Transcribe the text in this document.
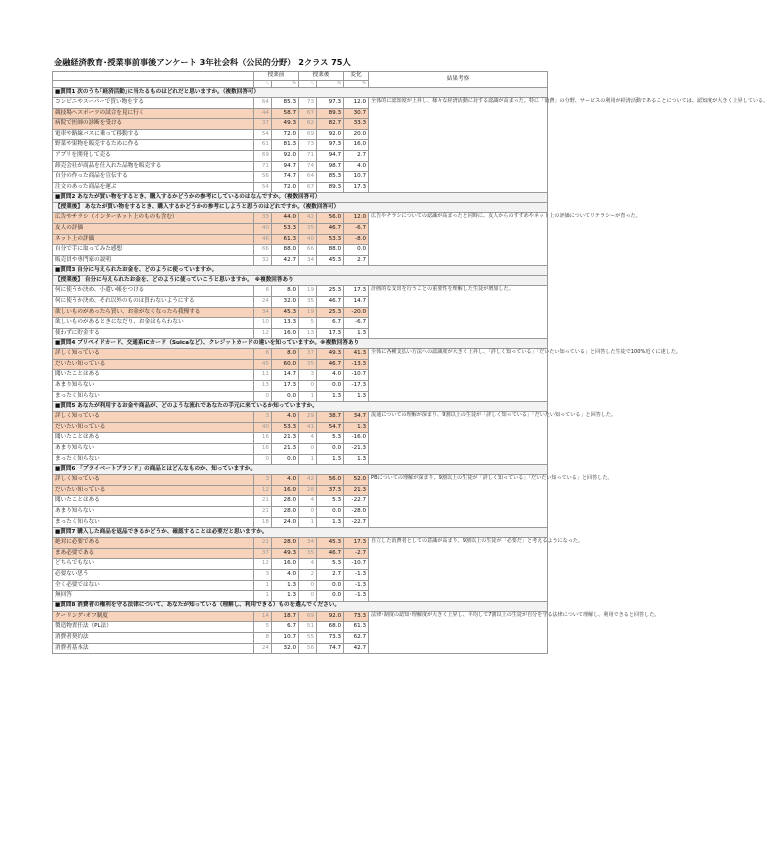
金融経済教育･授業事前事後アンケート 3年社会科（公民的分野） 2クラス 75人
	授業前		授業後		変化	結果考察
	人	%	人	%	%	
■質問1 次のうち｢経済活動｣に当たるものはどれだと思いますか。（複数回答可）						
コンビニやスーパーで買い物をする	64	85.3	73	97.3	12.0	全体的に認知度が上昇し、様々な経済活動に対する認識が高まった。特に「消費」の分野、サービスの利用が経済活動であることについては、認知度が大きく上昇している。
競技場へスポーツの試合を見に行く	44	58.7	67	89.3	30.7	
病院で医師の診断を受ける	37	49.3	62	82.7	33.3	
電車や路線バスに乗って移動する	54	72.0	69	92.0	20.0	
野菜や果物を販売するために作る	61	81.3	73	97.3	16.0	
アプリを開発して売る	69	92.0	71	94.7	2.7	
卸売会社が商品を仕入れた品物を販売する	71	94.7	74	98.7	4.0	
自分の作った商品を宣伝する	56	74.7	64	85.3	10.7	
注文のあった商品を運ぶ	54	72.0	67	89.3	17.3	
■質問2 あなたが買い物をするとき、購入するかどうかの参考にしているのはなんですか。（複数回答可）						
【授業後】 あなたが買い物をするとき、購入するかどうかの参考にしようと思うのはどれですか。（複数回答可）						
広告やチラシ（インターネット上のものも含む）	33	44.0	42	56.0	12.0	広告やチラシについての認識が高まったと同時に、友人からのすすめやネット上の評価についてリテラシーが育った。
友人の評価	40	53.3	35	46.7	-6.7	
ネット上の評価	46	61.3	40	53.3	-8.0	
自分で手に取ってみた感想	66	88.0	66	88.0	0.0	
販売員や専門家の説明	32	42.7	34	45.3	2.7	
■質問3 自分に与えられたお金を、どのように使っていますか。						
【授業後】 自分に与えられたお金を、どのように使っていこうと思いますか。 ※複数回答あり						
何に使うか決め、小遣い帳をつける	6	8.0	19	25.3	17.3	計画的な支出を行うことの重要性を理解した生徒が増加した。
何に使うか決め、それ以外のものは買わないようにする	24	32.0	35	46.7	14.7	
欲しいものがあったら買い、お金がなくなったら我慢する	34	45.3	19	25.3	-20.0	
欲しいものがあるときになだり、お金はもらわない	10	13.3	5	6.7	-6.7	
使わずに貯金する	12	16.0	13	17.3	1.3	
■質問4 プリペイドカード、交通系ICカード（Suicaなど）、クレジットカードの違いを知っていますか。※複数回答あり						
詳しく知っている	6	8.0	37	49.3	41.3	全体に各種支払い方法への認識度が大きく上昇し、「詳しく知っている」「だいたい知っている」と回答した生徒で100%近くに達した。
だいたい知っている	45	60.0	35	46.7	-13.3	
聞いたことはある	11	14.7	3	4.0	-10.7	
あまり知らない	13	17.3	0	0.0	-17.3	
まったく知らない	0	0.0	1	1.3	1.3	
■質問5 あなたが利用するお金や商品が、どのような流れであなたの手元に来ているか知っていますか。						
詳しく知っている	3	4.0	29	38.7	34.7	流通についての理解が深まり、9割以上の生徒が「詳しく知っている」「だいたい知っている」と回答した。
だいたい知っている	40	53.3	41	54.7	1.3	
聞いたことはある	16	21.3	4	5.3	-16.0	
あまり知らない	16	21.3	0	0.0	-21.3	
まったく知らない	0	0.0	1	1.3	1.3	
■質問6 「プライベートブランド」の商品とはどんなものか、知っていますか。						
詳しく知っている	3	4.0	42	56.0	52.0	PBについての理解が深まり、9割以上の生徒が「詳しく知っている」「だいたい知っている」と回答した。
だいたい知っている	12	16.0	28	37.3	21.3	
聞いたことはある	21	28.0	4	5.3	-22.7	
あまり知らない	21	28.0	0	0.0	-28.0	
まったく知らない	18	24.0	1	1.3	-22.7	
■質問7 購入した商品を返品できるかどうか、確認することは必要だと思いますか。						
絶対に必要である	21	28.0	34	45.3	17.3	自立した消費者としての意識が高まり、9割以上の生徒が「必要だ」と考えるようになった。
まあ必要である	37	49.3	35	46.7	-2.7	
どちらでもない	12	16.0	4	5.3	-10.7	
必要ない思う	3	4.0	2	2.7	-1.3	
全く必要ではない	1	1.3	0	0.0	-1.3	
無回答	1	1.3	0	0.0	-1.3	
■質問8 消費者の権利を守る法律について、あなたが知っている（理解し、利用できる）ものを選んでください。						
クーリング･オフ制度	14	18.7	69	92.0	73.3	法律･制度の認知･理解度が大きく上昇し、平均して7割以上の生徒が自分を守る法律について理解し、利用できると回答した。
製造物責任法（PL法）	5	6.7	51	68.0	61.3	
消費者契約法	8	10.7	55	73.3	62.7	
消費者基本法	24	32.0	56	74.7	42.7	
